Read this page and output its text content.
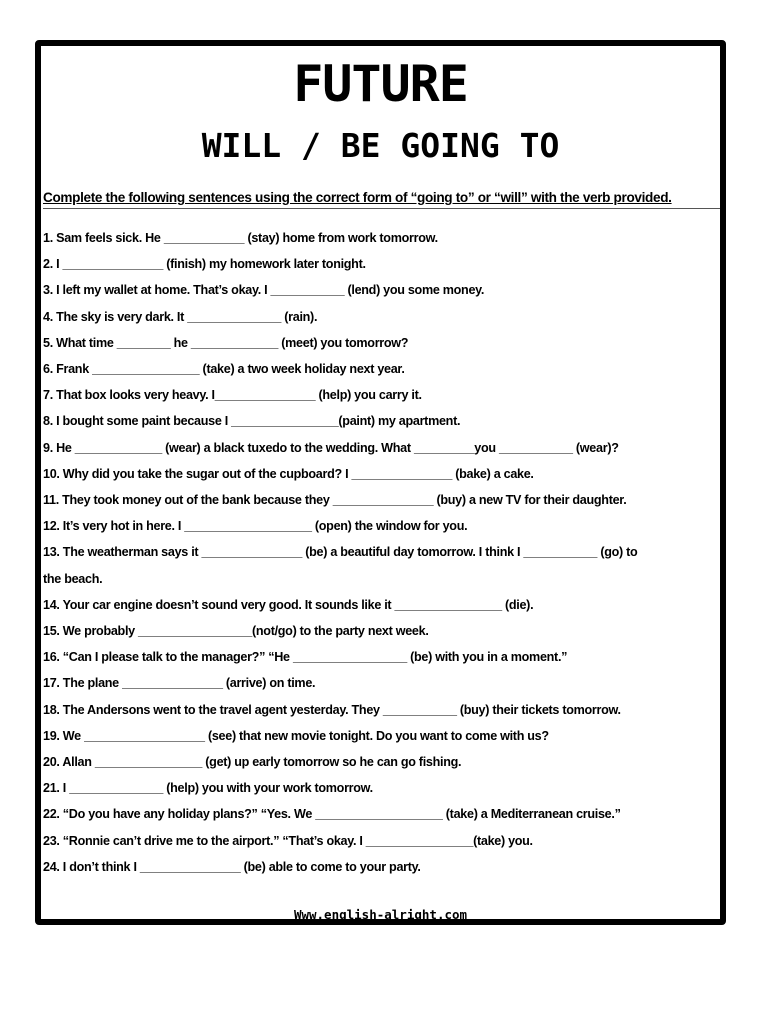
FUTURE
WILL / BE GOING TO
Complete the following sentences using the correct form of “going to” or “will” with the verb provided.
1. Sam feels sick. He ____________ (stay) home from work tomorrow.
2. I _______________ (finish) my homework later tonight.
3. I left my wallet at home. That’s okay. I ___________ (lend) you some money.
4. The sky is very dark. It ______________ (rain).
5. What time ________ he _____________ (meet) you tomorrow?
6. Frank ________________ (take) a two week holiday next year.
7. That box looks very heavy. I_______________ (help) you carry it.
8. I bought some paint because I ________________(paint) my apartment.
9. He _____________ (wear) a black tuxedo to the wedding. What _________you ___________ (wear)?
10. Why did you take the sugar out of the cupboard? I _______________ (bake) a cake.
11. They took money out of the bank because they _______________ (buy) a new TV for their daughter.
12. It’s very hot in here. I ___________________ (open) the window for you.
13. The weatherman says it _______________ (be) a beautiful day tomorrow. I think I ___________ (go) to
the beach.
14. Your car engine doesn’t sound very good. It sounds like it ________________ (die).
15. We probably _________________(not/go) to the party next week.
16. “Can I please talk to the manager?” “He _________________ (be) with you in a moment.”
17. The plane _______________ (arrive) on time.
18. The Andersons went to the travel agent yesterday. They ___________ (buy) their tickets tomorrow.
19. We __________________ (see) that new movie tonight. Do you want to come with us?
20. Allan ________________ (get) up early tomorrow so he can go fishing.
21. I ______________ (help) you with your work tomorrow.
22. “Do you have any holiday plans?” “Yes. We ___________________ (take) a Mediterranean cruise.”
23. “Ronnie can’t drive me to the airport.” “That’s okay. I ________________(take) you.
24. I don’t think I _______________ (be) able to come to your party.
Www.english-alright.com
